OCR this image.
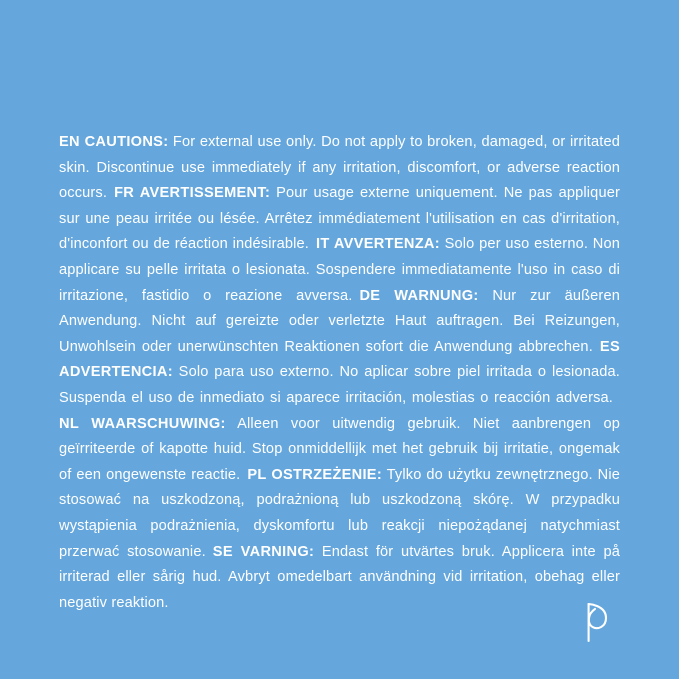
EN CAUTIONS: For external use only. Do not apply to broken, damaged, or irritated skin. Discontinue use immediately if any irritation, discomfort, or adverse reaction occurs. FR AVERTISSEMENT: Pour usage externe uniquement. Ne pas appliquer sur une peau irritée ou lésée. Arrêtez immédiatement l'utilisation en cas d'irritation, d'inconfort ou de réaction indésirable. IT AVVERTENZA: Solo per uso esterno. Non applicare su pelle irritata o lesionata. Sospendere immediatamente l'uso in caso di irritazione, fastidio o reazione avversa. DE WARNUNG: Nur zur äußeren Anwendung. Nicht auf gereizte oder verletzte Haut auftragen. Bei Reizungen, Unwohlsein oder unerwünschten Reaktionen sofort die Anwendung abbrechen. ES ADVERTENCIA: Solo para uso externo. No aplicar sobre piel irritada o lesionada. Suspenda el uso de inmediato si aparece irritación, molestias o reacción adversa.NL WAARSCHUWING: Alleen voor uitwendig gebruik. Niet aanbrengen op geïrriteerde of kapotte huid. Stop onmiddellijk met het gebruik bij irritatie, ongemak of een ongewenste reactie. PL OSTRZEŻENIE: Tylko do użytku zewnętrznego. Nie stosować na uszkodzoną, podrażnioną lub uszkodzoną skórę. W przypadku wystąpienia podrażnienia, dyskomfortu lub reakcji niepożądanej natychmiast przerwać stosowanie. SE VARNING: Endast för utvärtes bruk. Applicera inte på irriterad eller sårig hud. Avbryt omedelbart användning vid irritation, obehag eller negativ reaktion.
